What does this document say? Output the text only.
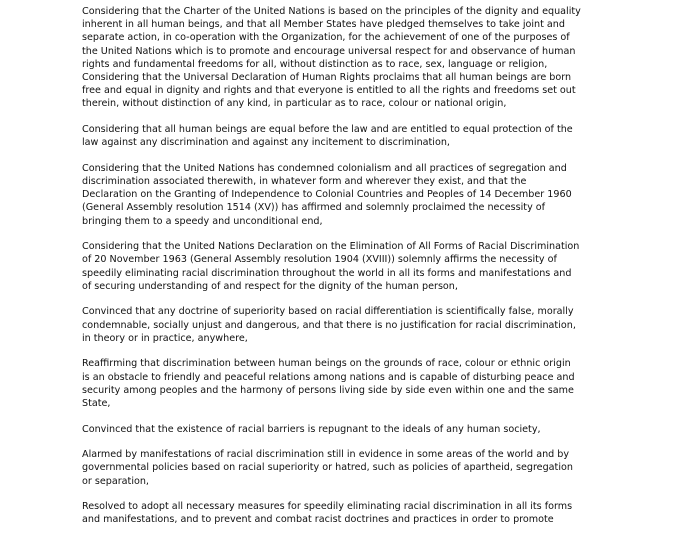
Considering that the Charter of the United Nations is based on the principles of the dignity and equality
inherent in all human beings, and that all Member States have pledged themselves to take joint and
separate action, in co-operation with the Organization, for the achievement of one of the purposes of
the United Nations which is to promote and encourage universal respect for and observance of human
rights and fundamental freedoms for all, without distinction as to race, sex, language or religion,

Considering that the Universal Declaration of Human Rights proclaims that all human beings are born
free and equal in dignity and rights and that everyone is entitled to all the rights and freedoms set out
therein, without distinction of any kind, in particular as to race, colour or national origin,

Considering that all human beings are equal before the law and are entitled to equal protection of the
law against any discrimination and against any incitement to discrimination,

Considering that the United Nations has condemned colonialism and all practices of segregation and
discrimination associated therewith, in whatever form and wherever they exist, and that the
Declaration on the Granting of Independence to Colonial Countries and Peoples of 14 December 1960
(General Assembly resolution 1514 (XV)) has affirmed and solemnly proclaimed the necessity of
bringing them to a speedy and unconditional end,

Considering that the United Nations Declaration on the Elimination of All Forms of Racial Discrimination
of 20 November 1963 (General Assembly resolution 1904 (XVIII)) solemnly affirms the necessity of
speedily eliminating racial discrimination throughout the world in all its forms and manifestations and
of securing understanding of and respect for the dignity of the human person,

Convinced that any doctrine of superiority based on racial differentiation is scientifically false, morally
condemnable, socially unjust and dangerous, and that there is no justification for racial discrimination,
in theory or in practice, anywhere,

Reaffirming that discrimination between human beings on the grounds of race, colour or ethnic origin
is an obstacle to friendly and peaceful relations among nations and is capable of disturbing peace and
security among peoples and the harmony of persons living side by side even within one and the same
State,

Convinced that the existence of racial barriers is repugnant to the ideals of any human society,

Alarmed by manifestations of racial discrimination still in evidence in some areas of the world and by
governmental policies based on racial superiority or hatred, such as policies of apartheid, segregation
or separation,

Resolved to adopt all necessary measures for speedily eliminating racial discrimination in all its forms
and manifestations, and to prevent and combat racist doctrines and practices in order to promote
